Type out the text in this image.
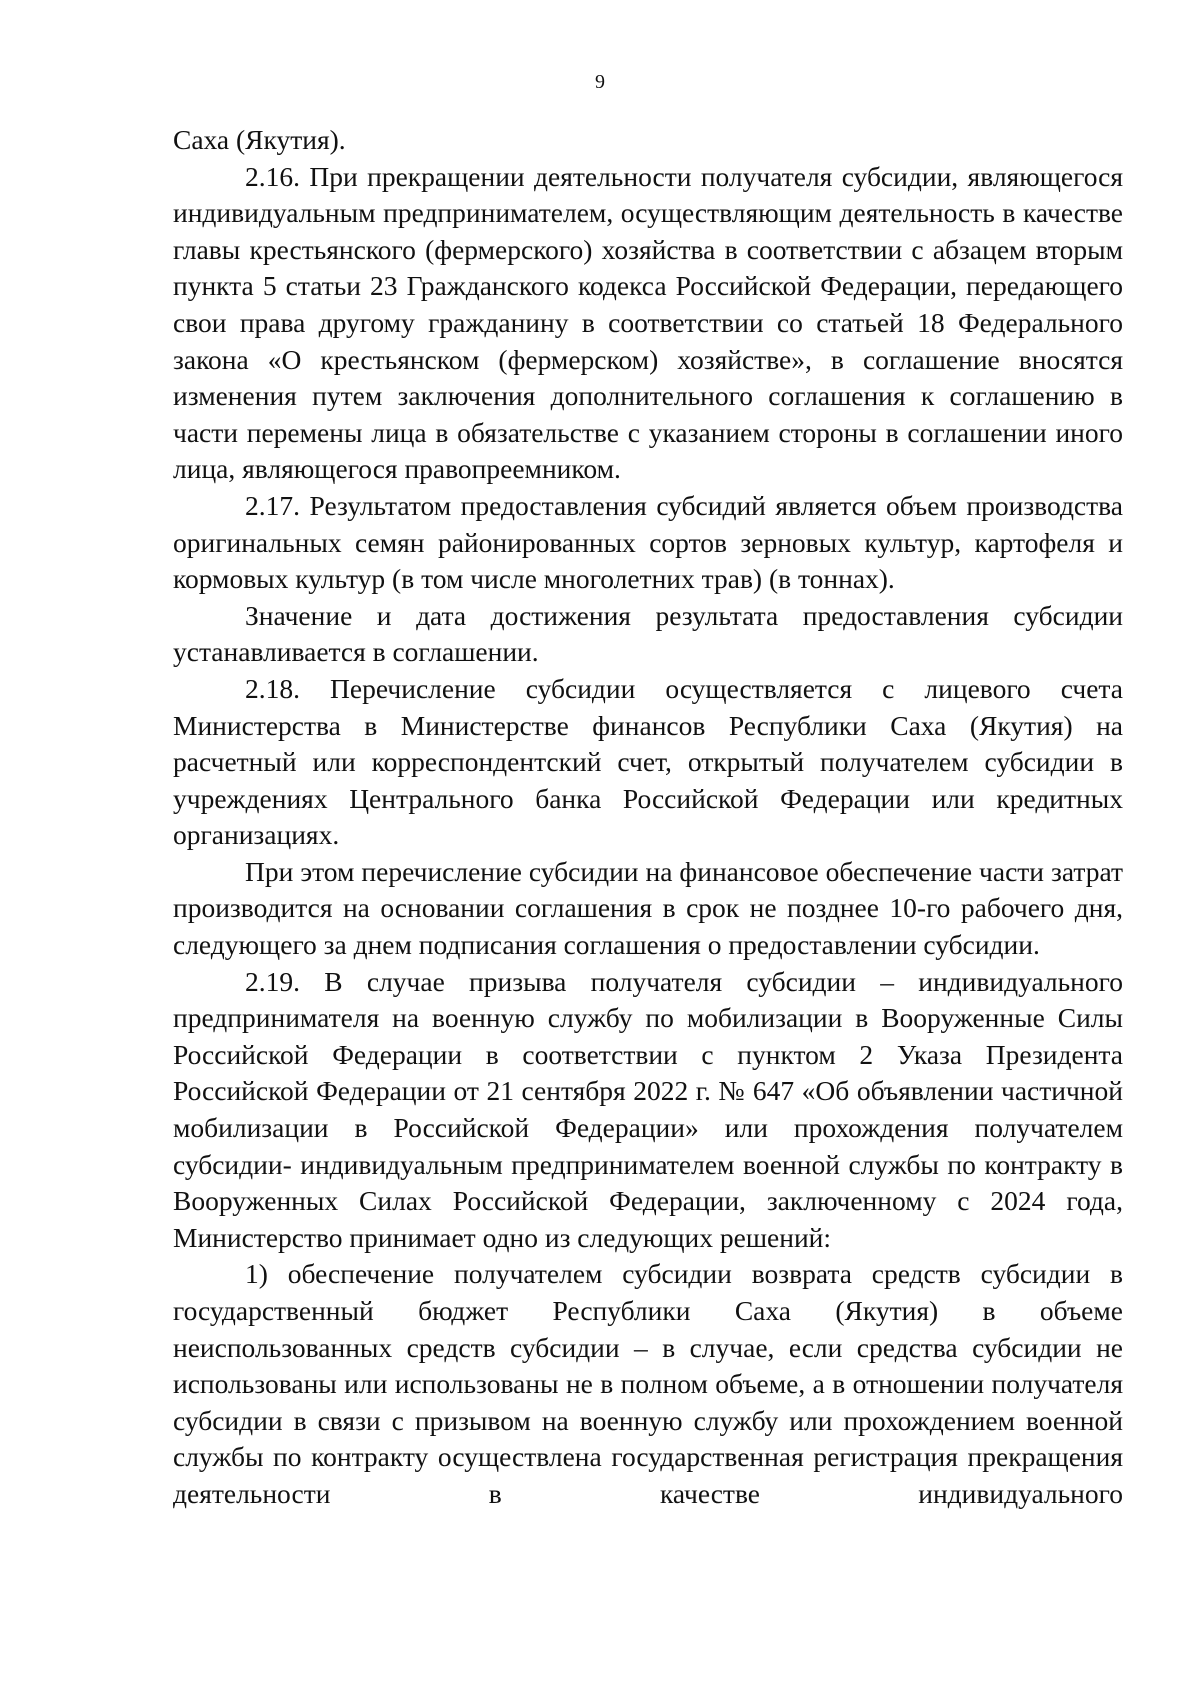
9

Саха (Якутия).

2.16. При прекращении деятельности получателя субсидии, являющегося индивидуальным предпринимателем, осуществляющим деятельность в качестве главы крестьянского (фермерского) хозяйства в соответствии с абзацем вторым пункта 5 статьи 23 Гражданского кодекса Российской Федерации, передающего свои права другому гражданину в соответствии со статьей 18 Федерального закона «О крестьянском (фермерском) хозяйстве», в соглашение вносятся изменения путем заключения дополнительного соглашения к соглашению в части перемены лица в обязательстве с указанием стороны в соглашении иного лица, являющегося правопреемником.

2.17. Результатом предоставления субсидий является объем производства оригинальных семян районированных сортов зерновых культур, картофеля и кормовых культур (в том числе многолетних трав) (в тоннах).

Значение и дата достижения результата предоставления субсидии устанавливается в соглашении.

2.18. Перечисление субсидии осуществляется с лицевого счета Министерства в Министерстве финансов Республики Саха (Якутия) на расчетный или корреспондентский счет, открытый получателем субсидии в учреждениях Центрального банка Российской Федерации или кредитных организациях.

При этом перечисление субсидии на финансовое обеспечение части затрат производится на основании соглашения в срок не позднее 10-го рабочего дня, следующего за днем подписания соглашения о предоставлении субсидии.

2.19. В случае призыва получателя субсидии – индивидуального предпринимателя на военную службу по мобилизации в Вооруженные Силы Российской Федерации в соответствии с пунктом 2 Указа Президента Российской Федерации от 21 сентября 2022 г. № 647 «Об объявлении частичной мобилизации в Российской Федерации» или прохождения получателем субсидии- индивидуальным предпринимателем военной службы по контракту в Вооруженных Силах Российской Федерации, заключенному с 2024 года, Министерство принимает одно из следующих решений:

1) обеспечение получателем субсидии возврата средств субсидии в государственный бюджет Республики Саха (Якутия) в объеме неиспользованных средств субсидии – в случае, если средства субсидии не использованы или использованы не в полном объеме, а в отношении получателя субсидии в связи с призывом на военную службу или прохождением военной службы по контракту осуществлена государственная регистрация прекращения деятельности в качестве индивидуального
